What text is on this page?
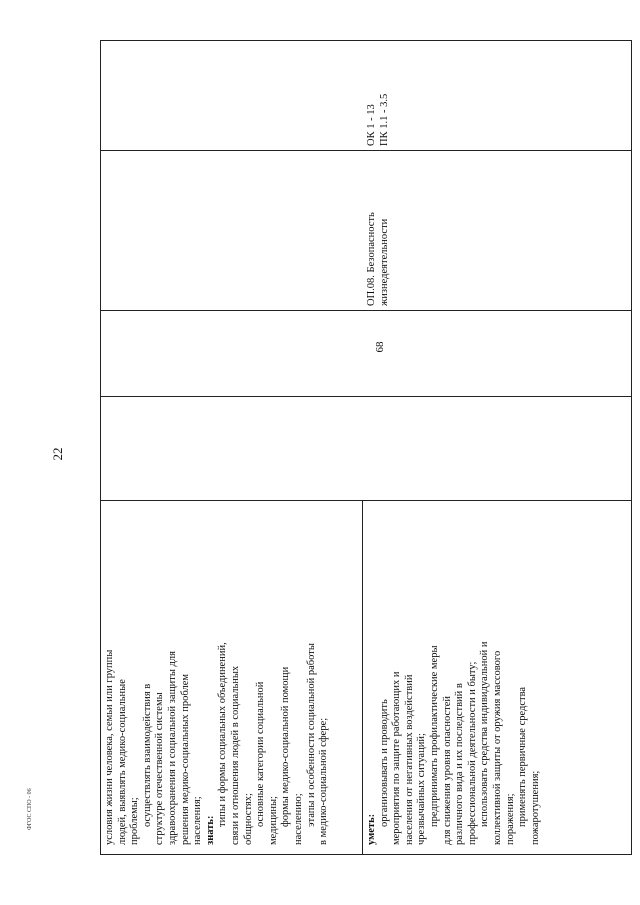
22
ФГОС СПО - 06	условия жизни человека, семьи или группы людей, выявлять медико-социальные проблемы; осуществлять взаимодействия в структуре отечественной системы здравоохранения и социальной защиты для решения медико-социальных проблем населения; знать:
типы и формы социальных объединений, связи и отношения людей в социальных общностях; основные категории социальной медицины; формы медико-социальной помощи населению; этапы и особенности социальной работы в медико-социальной сфере;	уметь:
организовывать и проводить мероприятия по защите работающих и населения от негативных воздействий чрезвычайных ситуаций; предпринимать профилактические меры для снижения уровня опасностей различного вида и их последствий в профессиональной деятельности и быту; использовать средства индивидуальной и коллективной защиты от оружия массового поражения; применять первичные средства пожаротушения;
68
ОП.08. Безопасность жизнедеятельности
ОК 1 - 13 ПК 1.1 - 3.5
